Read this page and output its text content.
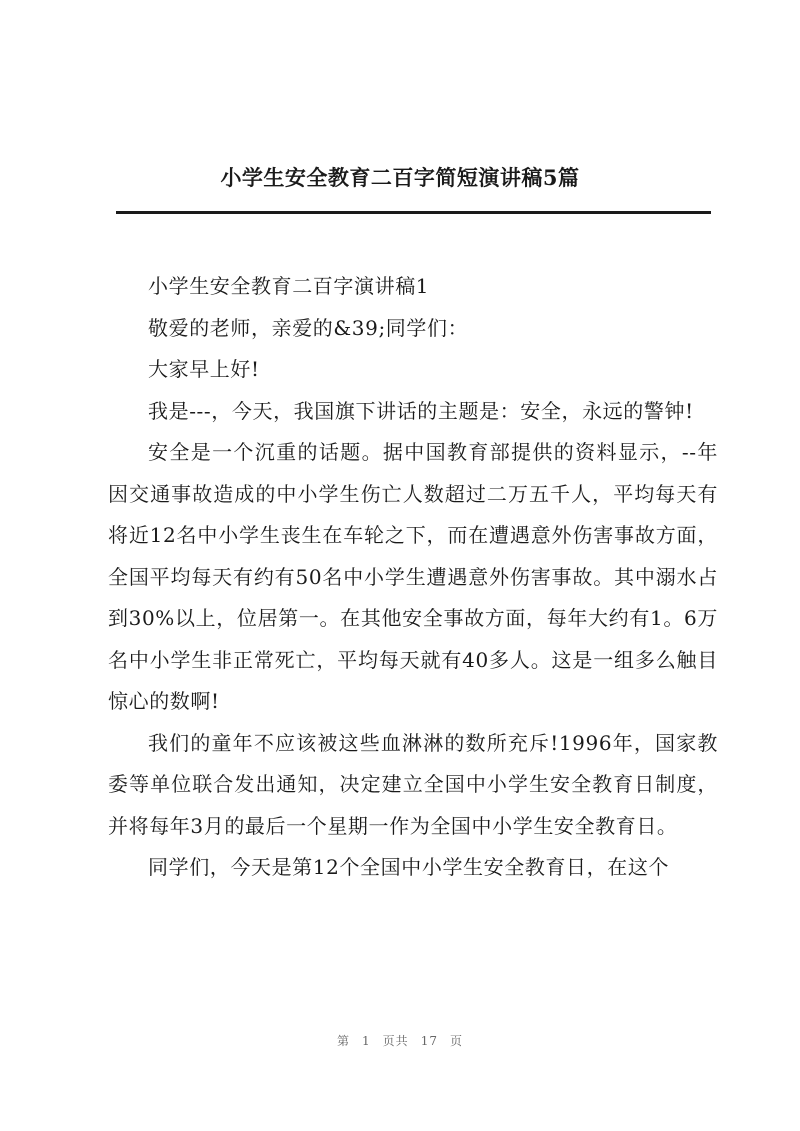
小学生安全教育二百字简短演讲稿5篇

小学生安全教育二百字演讲稿1

敬爱的老师，亲爱的&39;同学们：

大家早上好!

我是---，今天，我国旗下讲话的主题是：安全，永远的警钟!

安全是一个沉重的话题。据中国教育部提供的资料显示，--年因交通事故造成的中小学生伤亡人数超过二万五千人，平均每天有将近12名中小学生丧生在车轮之下，而在遭遇意外伤害事故方面，全国平均每天有约有50名中小学生遭遇意外伤害事故。其中溺水占到30%以上，位居第一。在其他安全事故方面，每年大约有1。6万名中小学生非正常死亡，平均每天就有40多人。这是一组多么触目惊心的数啊!

我们的童年不应该被这些血淋淋的数所充斥!1996年，国家教委等单位联合发出通知，决定建立全国中小学生安全教育日制度，并将每年3月的最后一个星期一作为全国中小学生安全教育日。

同学们，今天是第12个全国中小学生安全教育日，在这个

第 1 页共 17 页
